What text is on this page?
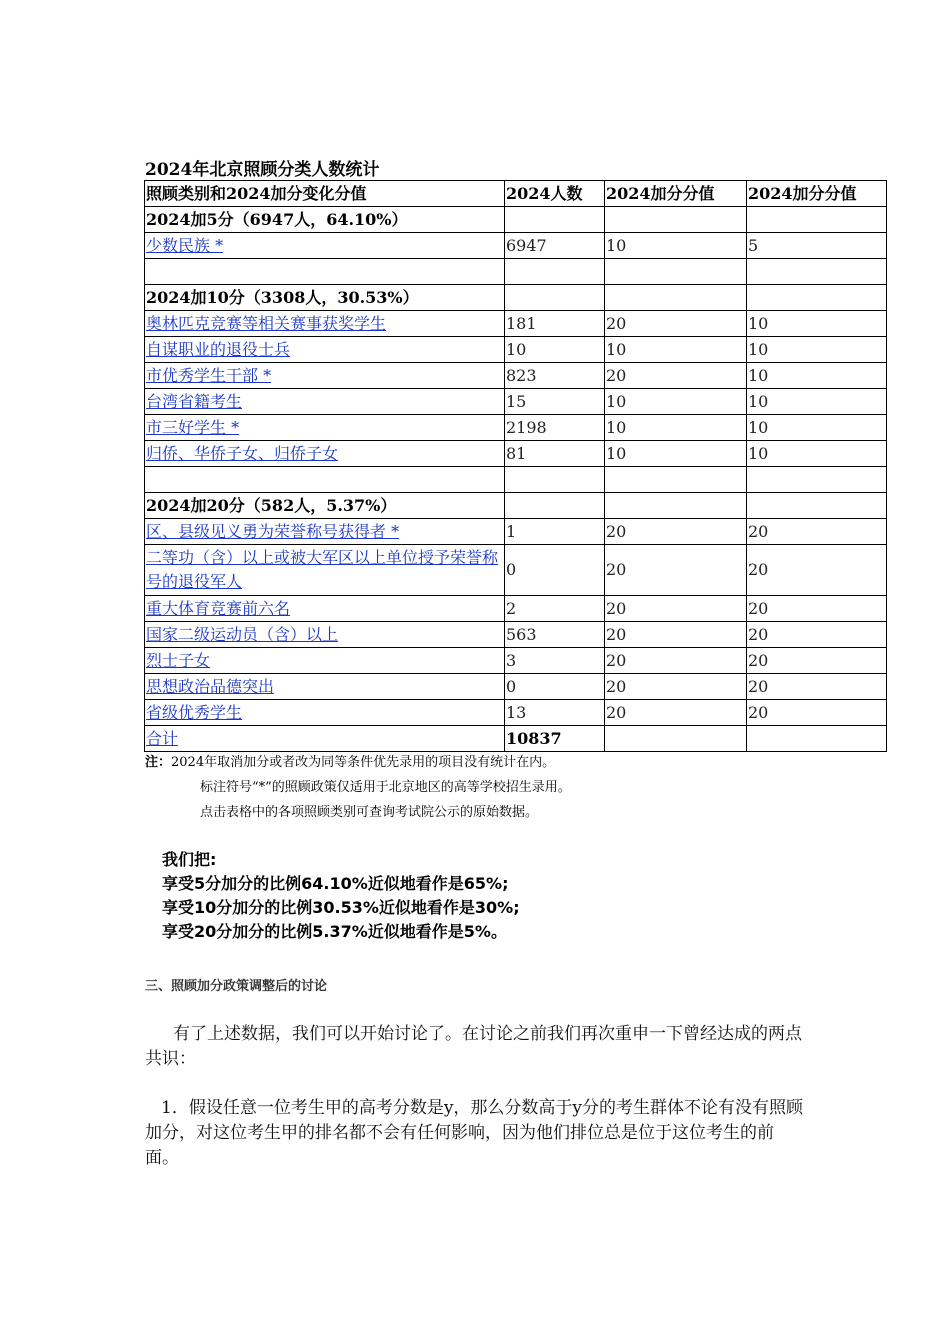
2024年北京照顾分类人数统计
照顾类别和2024加分变化分值	2024人数	2024加分分值	2024加分分值
2024加5分（6947人，64.10%）			
少数民族 *	6947	10	5

2024加10分（3308人，30.53%）			
奥林匹克竞赛等相关赛事获奖学生	181	20	10
自谋职业的退役士兵	10	10	10
市优秀学生干部 *	823	20	10
台湾省籍考生	15	10	10
市三好学生 *	2198	10	10
归侨、华侨子女、归侨子女	81	10	10

2024加20分（582人，5.37%）			
区、县级见义勇为荣誉称号获得者 *	1	20	20
二等功（含）以上或被大军区以上单位授予荣誉称号的退役军人	0	20	20
重大体育竞赛前六名	2	20	20
国家二级运动员（含）以上	563	20	20
烈士子女	3	20	20
思想政治品德突出	0	20	20
省级优秀学生	13	20	20
合计	10837		
注：2024年取消加分或者改为同等条件优先录用的项目没有统计在内。
标注符号“*”的照顾政策仅适用于北京地区的高等学校招生录用。
点击表格中的各项照顾类别可查询考试院公示的原始数据。
我们把:
享受5分加分的比例64.10%近似地看作是65%;
享受10分加分的比例30.53%近似地看作是30%;
享受20分加分的比例5.37%近似地看作是5%。
三、照顾加分政策调整后的讨论
有了上述数据，我们可以开始讨论了。在讨论之前我们再次重申一下曾经达成的两点共识：
1．假设任意一位考生甲的高考分数是y，那么分数高于y分的考生群体不论有没有照顾加分，对这位考生甲的排名都不会有任何影响，因为他们排位总是位于这位考生的前面。
